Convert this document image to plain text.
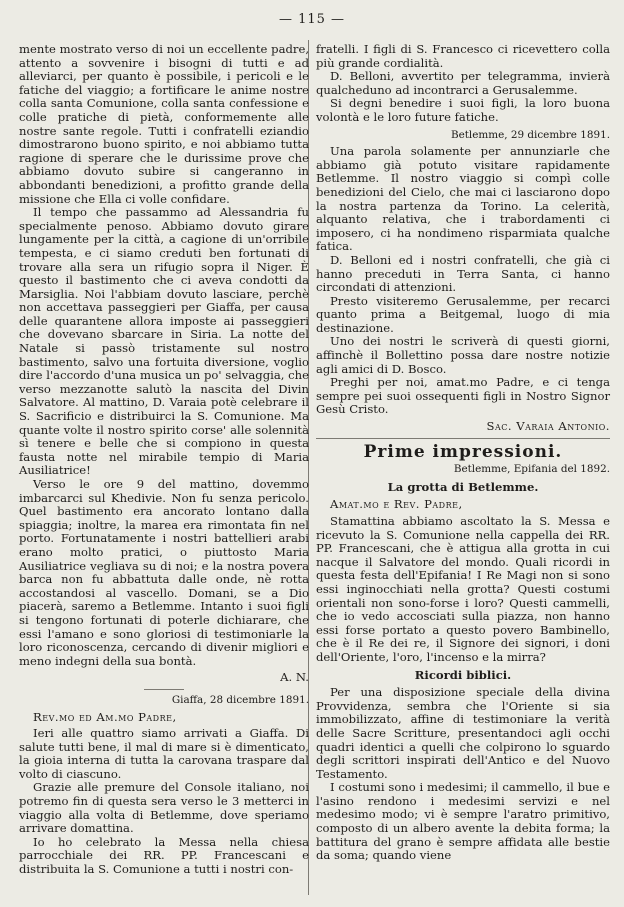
— 115 —

mente mostrato verso di noi un eccellente padre, attento a sovvenire i bisogni di tutti e ad alleviarci, per quanto è possibile, i pericoli e le fatiche del viaggio; a fortificare le anime nostre colla santa Comunione, colla santa confessione e colle pratiche di pietà, conformemente alle nostre sante regole. Tutti i confratelli eziandio dimostrarono buono spirito, e noi abbiamo tutta ragione di sperare che le durissime prove che abbiamo dovuto subire si cangeranno in abbondanti benedizioni, a profitto grande della missione che Ella ci volle confidare.

Il tempo che passammo ad Alessandria fu specialmente penoso. Abbiamo dovuto girare lungamente per la città, a cagione di un'orribile tempesta, e ci siamo creduti ben fortunati di trovare alla sera un rifugio sopra il Niger. È questo il bastimento che ci aveva condotti da Marsiglia. Noi l'abbiam dovuto lasciare, perchè non accettava passeggieri per Giaffa, per causa delle quarantene allora imposte ai passeggieri che dovevano sbarcare in Siria. La notte del Natale si passò tristamente sul nostro bastimento, salvo una fortuita diversione, voglio dire l'accordo d'una musica un po' selvaggia, che verso mezzanotte salutò la nascita del Divin Salvatore. Al mattino, D. Varaia potè celebrare il S. Sacrificio e distribuirci la S. Comunione. Ma quante volte il nostro spirito corse' alle solennità sì tenere e belle che si compiono in questa fausta notte nel mirabile tempio di Maria Ausiliatrice!

Verso le ore 9 del mattino, dovemmo imbarcarci sul Khedivie. Non fu senza pericolo. Quel bastimento era ancorato lontano dalla spiaggia; inoltre, la marea era rimontata fin nel porto. Fortunatamente i nostri battellieri arabi erano molto pratici, o piuttosto Maria Ausiliatrice vegliava su di noi; e la nostra povera barca non fu abbattuta dalle onde, nè rotta accostandosi al vascello. Domani, se a Dio piacerà, saremo a Betlemme. Intanto i suoi figli si tengono fortunati di poterle dichiarare, che essi l'amano e sono gloriosi di testimoniarle la loro riconoscenza, cercando di divenir migliori e meno indegni della sua bontà.

A. N.
Giaffa, 28 dicembre 1891.
Rev.mo ed Am.mo Padre,

Ieri alle quattro siamo arrivati a Giaffa. Di salute tutti bene, il mal di mare si è dimenticato, la gioia interna di tutta la carovana traspare dal volto di ciascuno.

Grazie alle premure del Console italiano, noi potremo fin di questa sera verso le 3 metterci in viaggio alla volta di Betlemme, dove speriamo arrivare domattina.

Io ho celebrato la Messa nella chiesa parrocchiale dei RR. PP. Francescani e distribuita la S. Comunione a tutti i nostri con-

fratelli. I figli di S. Francesco ci ricevettero colla più grande cordialità.

D. Belloni, avvertito per telegramma, invierà qualcheduno ad incontrarci a Gerusalemme.

Si degni benedire i suoi figli, la loro buona volontà e le loro future fatiche.

Betlemme, 29 dicembre 1891.

Una parola solamente per annunziarle che abbiamo già potuto visitare rapidamente Betlemme. Il nostro viaggio si compì colle benedizioni del Cielo, che mai ci lasciarono dopo la nostra partenza da Torino. La celerità, alquanto relativa, che i trabordamenti ci imposero, ci ha nondimeno risparmiata qualche fatica.

D. Belloni ed i nostri confratelli, che già ci hanno preceduti in Terra Santa, ci hanno circondati di attenzioni.

Presto visiteremo Gerusalemme, per recarci quanto prima a Beitgemal, luogo di mia destinazione.

Uno dei nostri le scriverà di questi giorni, affinchè il Bollettino possa dare nostre notizie agli amici di D. Bosco.

Preghi per noi, amat.mo Padre, e ci tenga sempre pei suoi ossequenti figli in Nostro Signor Gesù Cristo.

Sac. Varaia Antonio.
Prime impressioni.
Betlemme, Epifania del 1892.
La grotta di Betlemme.
Amat.mo e Rev. Padre,

Stamattina abbiamo ascoltato la S. Messa e ricevuto la S. Comunione nella cappella dei RR. PP. Francescani, che è attigua alla grotta in cui nacque il Salvatore del mondo. Quali ricordi in questa festa dell'Epifania! I Re Magi non si sono essi inginocchiati nella grotta? Questi costumi orientali non sono-forse i loro? Questi cammelli, che io vedo accosciati sulla piazza, non hanno essi forse portato a questo povero Bambinello, che è il Re dei re, il Signore dei signori, i doni dell'Oriente, l'oro, l'incenso e la mirra?

Ricordi biblici.

Per una disposizione speciale della divina Provvidenza, sembra che l'Oriente si sia immobilizzato, affine di testimoniare la verità delle Sacre Scritture, presentandoci agli occhi quadri identici a quelli che colpirono lo sguardo degli scrittori inspirati dell'Antico e del Nuovo Testamento.

I costumi sono i medesimi; il cammello, il bue e l'asino rendono i medesimi servizi e nel medesimo modo; vi è sempre l'aratro primitivo, composto di un albero avente la debita forma; la battitura del grano è sempre affidata alle bestie da soma; quando viene
